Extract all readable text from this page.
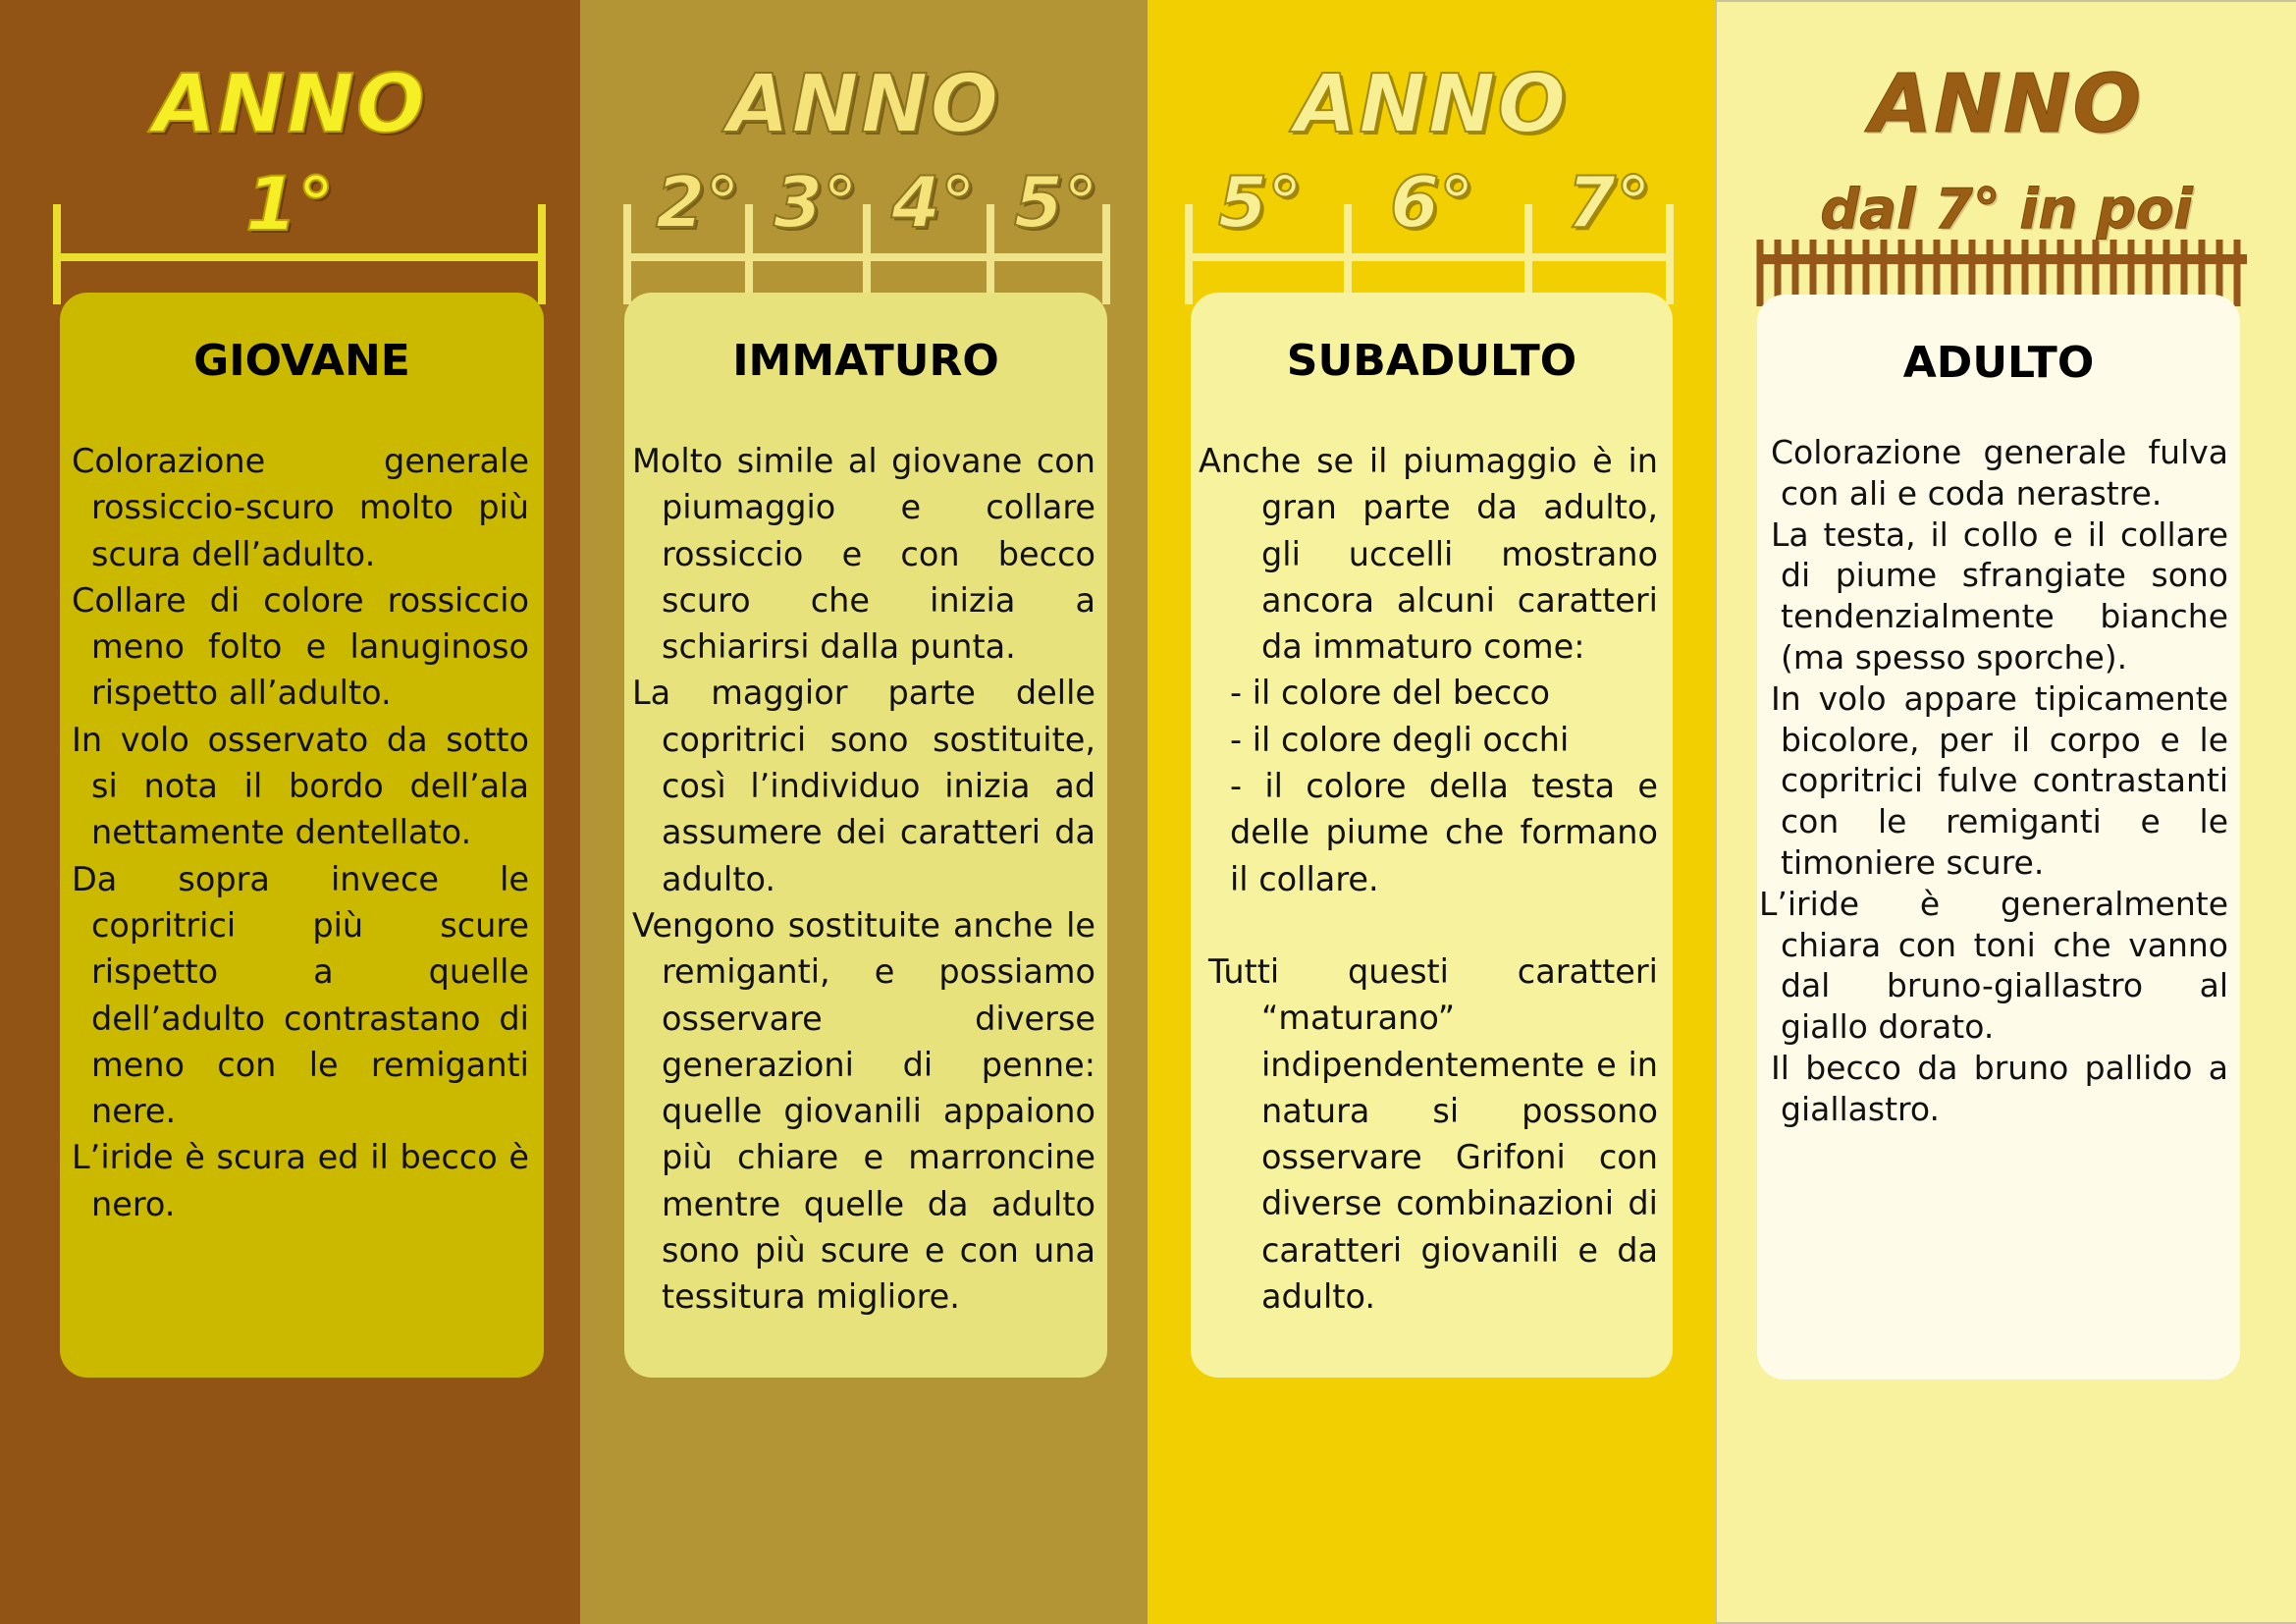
ANNO
1°
GIOVANE

Colorazione generale rossiccio-scuro molto più scura dell’adulto.

Collare di colore rossiccio meno folto e lanuginoso rispetto all’adulto.

In volo osservato da sotto si nota il bordo dell’ala nettamente dentellato.

Da sopra invece le copritrici più scure rispetto a quelle dell’adulto contrastano di meno con le remiganti nere.

L’iride è scura ed il becco è nero.

ANNO
2° 3° 4° 5°
IMMATURO

Molto simile al giovane con piumaggio e collare rossiccio e con becco scuro che inizia a schiarirsi dalla punta.

La maggior parte delle copritrici sono sostituite, così l’individuo inizia ad assumere dei caratteri da adulto.

Vengono sostituite anche le remiganti, e possiamo osservare diverse generazioni di penne: quelle giovanili appaiono più chiare e marroncine mentre quelle da adulto sono più scure e con una tessitura migliore.

ANNO
5°	6°	7°
SUBADULTO

Anche se il piumaggio è in gran parte da adulto, gli uccelli mostrano ancora alcuni caratteri da immaturo come:

- il colore del becco

- il colore degli occhi

- il colore della testa e delle piume che formano il collare.

Tutti questi caratteri “maturano” indipendentemente e in natura si possono osservare Grifoni con diverse combinazioni di caratteri giovanili e da adulto.

ANNO
dal 7° in poi
ADULTO

Colorazione generale fulva con ali e coda nerastre.

La testa, il collo e il collare di piume sfrangiate sono tendenzialmente bianche (ma spesso sporche).

In volo appare tipicamente bicolore, per il corpo e le copritrici fulve contrastanti con le remiganti e le timoniere scure.

L’iride è generalmente chiara con toni che vanno dal bruno-giallastro al giallo dorato.

Il becco da bruno pallido a giallastro.
